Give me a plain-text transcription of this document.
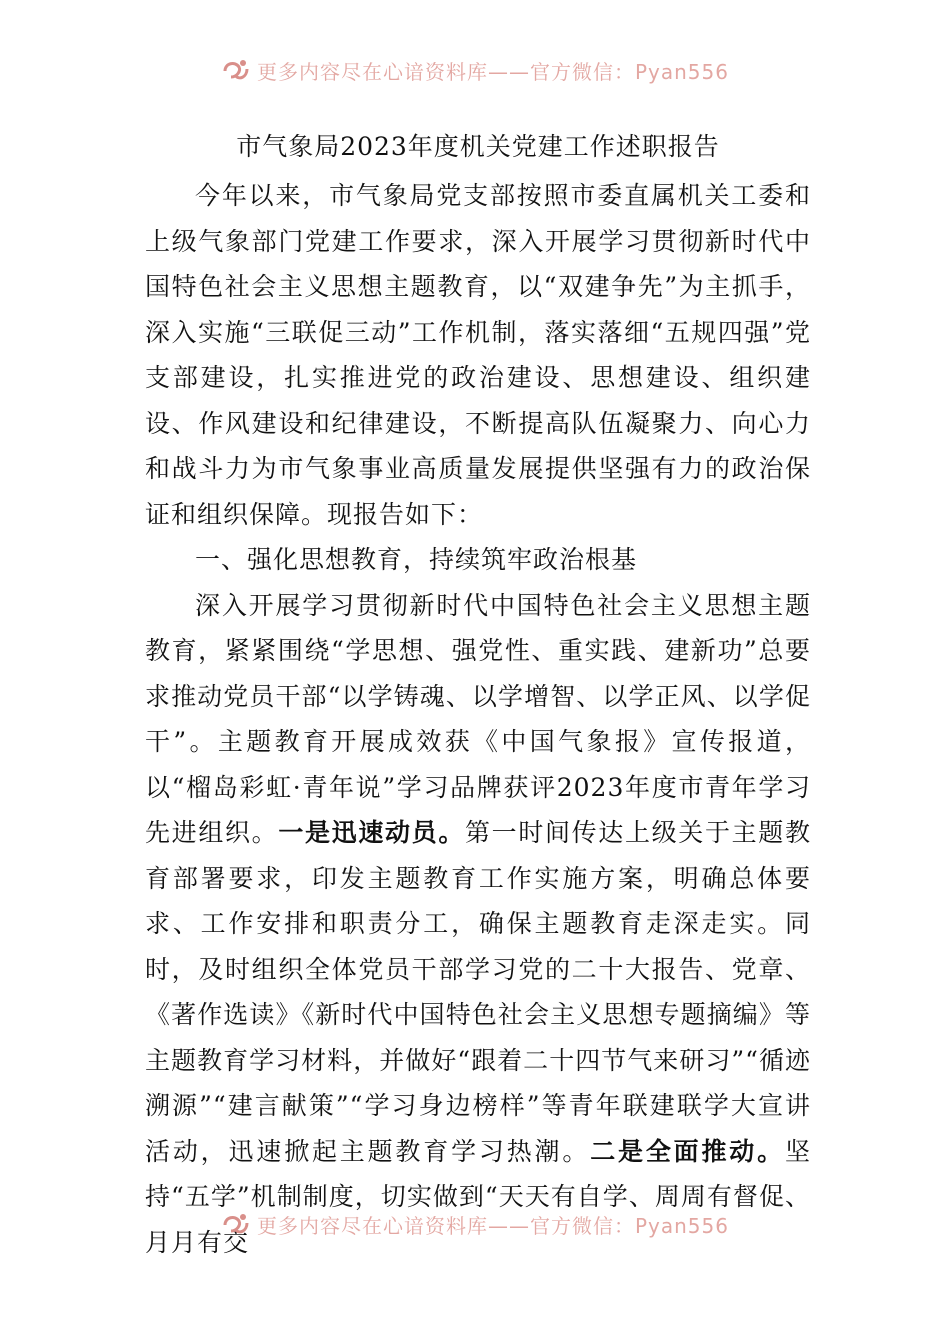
更多内容尽在心谙资料库——官方微信：Pyan556
市气象局2023年度机关党建工作述职报告

今年以来，市气象局党支部按照市委直属机关工委和上级气象部门党建工作要求，深入开展学习贯彻新时代中国特色社会主义思想主题教育，以“双建争先”为主抓手，深入实施“三联促三动”工作机制，落实落细“五规四强”党支部建设，扎实推进党的政治建设、思想建设、组织建设、作风建设和纪律建设，不断提高队伍凝聚力、向心力和战斗力为市气象事业高质量发展提供坚强有力的政治保证和组织保障。现报告如下：

一、强化思想教育，持续筑牢政治根基

深入开展学习贯彻新时代中国特色社会主义思想主题教育，紧紧围绕“学思想、强党性、重实践、建新功”总要求推动党员干部“以学铸魂、以学增智、以学正风、以学促干”。主题教育开展成效获《中国气象报》宣传报道，以“榴岛彩虹·青年说”学习品牌获评2023年度市青年学习先进组织。一是迅速动员。第一时间传达上级关于主题教育部署要求，印发主题教育工作实施方案，明确总体要求、工作安排和职责分工，确保主题教育走深走实。同时，及时组织全体党员干部学习党的二十大报告、党章、《著作选读》《新时代中国特色社会主义思想专题摘编》等主题教育学习材料，并做好“跟着二十四节气来研习”“循迹溯源”“建言献策”“学习身边榜样”等青年联建联学大宣讲活动，迅速掀起主题教育学习热潮。二是全面推动。坚持“五学”机制制度，切实做到“天天有自学、周周有督促、月月有交

更多内容尽在心谙资料库——官方微信：Pyan556
